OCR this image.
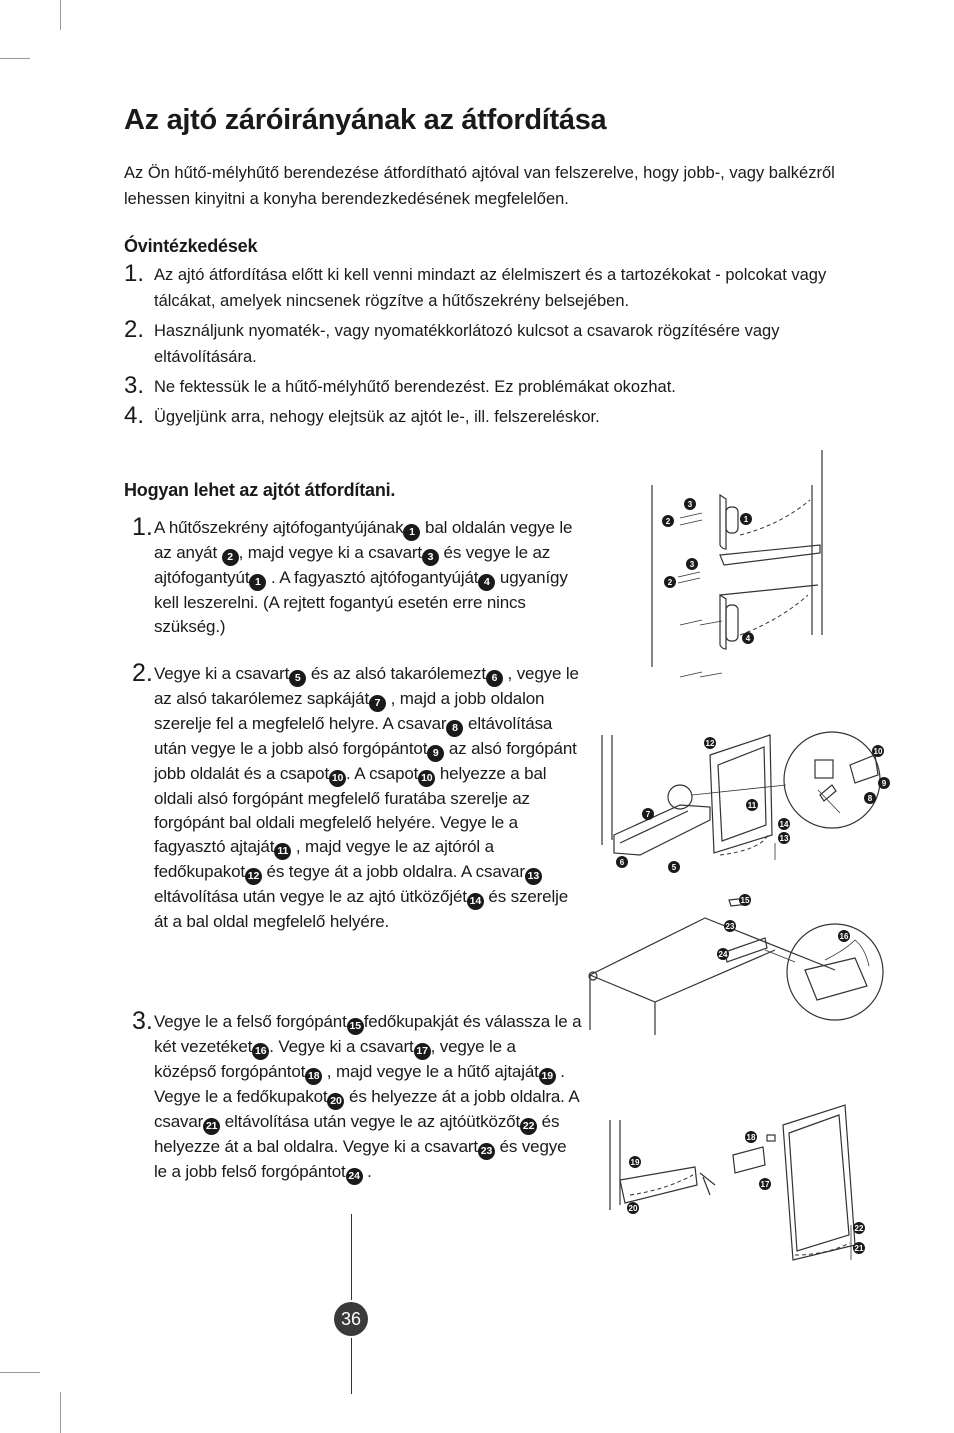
Az ajtó záróirányának az átfordítása

Az Ön hűtő-mélyhűtő berendezése átfordítható ajtóval van felszerelve, hogy jobb-, vagy balkézről lehessen kinyitni a konyha berendezkedésének megfelelően.

Óvintézkedések

1. Az ajtó átfordítása előtt ki kell venni mindazt az élelmiszert és a tartozékokat - polcokat vagy tálcákat, amelyek nincsenek rögzítve a hűtőszekrény belsejében.
2. Használjunk nyomaték-, vagy nyomatékkorlátozó kulcsot a csavarok rögzítésére vagy eltávolítására.
3. Ne fektessük le a hűtő-mélyhűtő berendezést. Ez problémákat okozhat.
4. Ügyeljünk arra, nehogy elejtsük az ajtót le-, ill. felszereléskor.

Hogyan lehet az ajtót átfordítani.

1. A hűtőszekrény ajtófogantyújának 1 bal oldalán vegye le az anyát 2 , majd vegye ki a csavart 3 és vegye le az ajtófogantyút 1 . A fagyasztó ajtófogantyúját 4 ugyanígy kell leszerelni. (A rejtett fogantyú esetén erre nincs szükség.)
2. Vegye ki a csavart 5 és az alsó takarólemezt 6 , vegye le az alsó takarólemez sapkáját 7 , majd a jobb oldalon szerelje fel a megfelelő helyre. A csavar 8 eltávolítása után vegye le a jobb alsó forgópántot 9 az alsó forgópánt jobb oldalát és a csapot 10 . A csapot 10 helyezze a bal oldali alsó forgópánt megfelelő furatába szerelje az forgópánt bal oldali megfelelő helyére. Vegye le a fagyasztó ajtaját 11 , majd vegye le az ajtóról a fedőkupakot 12 és tegye át a jobb oldalra. A csavar 13 eltávolítása után vegye le az ajtó ütközőjét 14 és szerelje át a bal oldal megfelelő helyére.
3. Vegye le a felső forgópánt 15 fedőkupakját és válassza le a két vezetéket 16 . Vegye ki a csavart 17 , vegye le a középső forgópántot 18 , majd vegye le a hűtő ajtaját 19 . Vegye le a fedőkupakot 20 és helyezze át a jobb oldalra. A csavar 21 eltávolítása után vegye le az ajtóütközőt 22 és helyezze át a bal oldalra. Vegye ki a csavart 23 és vegye le a jobb felső forgópántot 24 .
3
2	1
3
2
4
12
10
9
8
11
7
14
13
6
5
15
23
16
24
18
19
17
20
22
21
36
